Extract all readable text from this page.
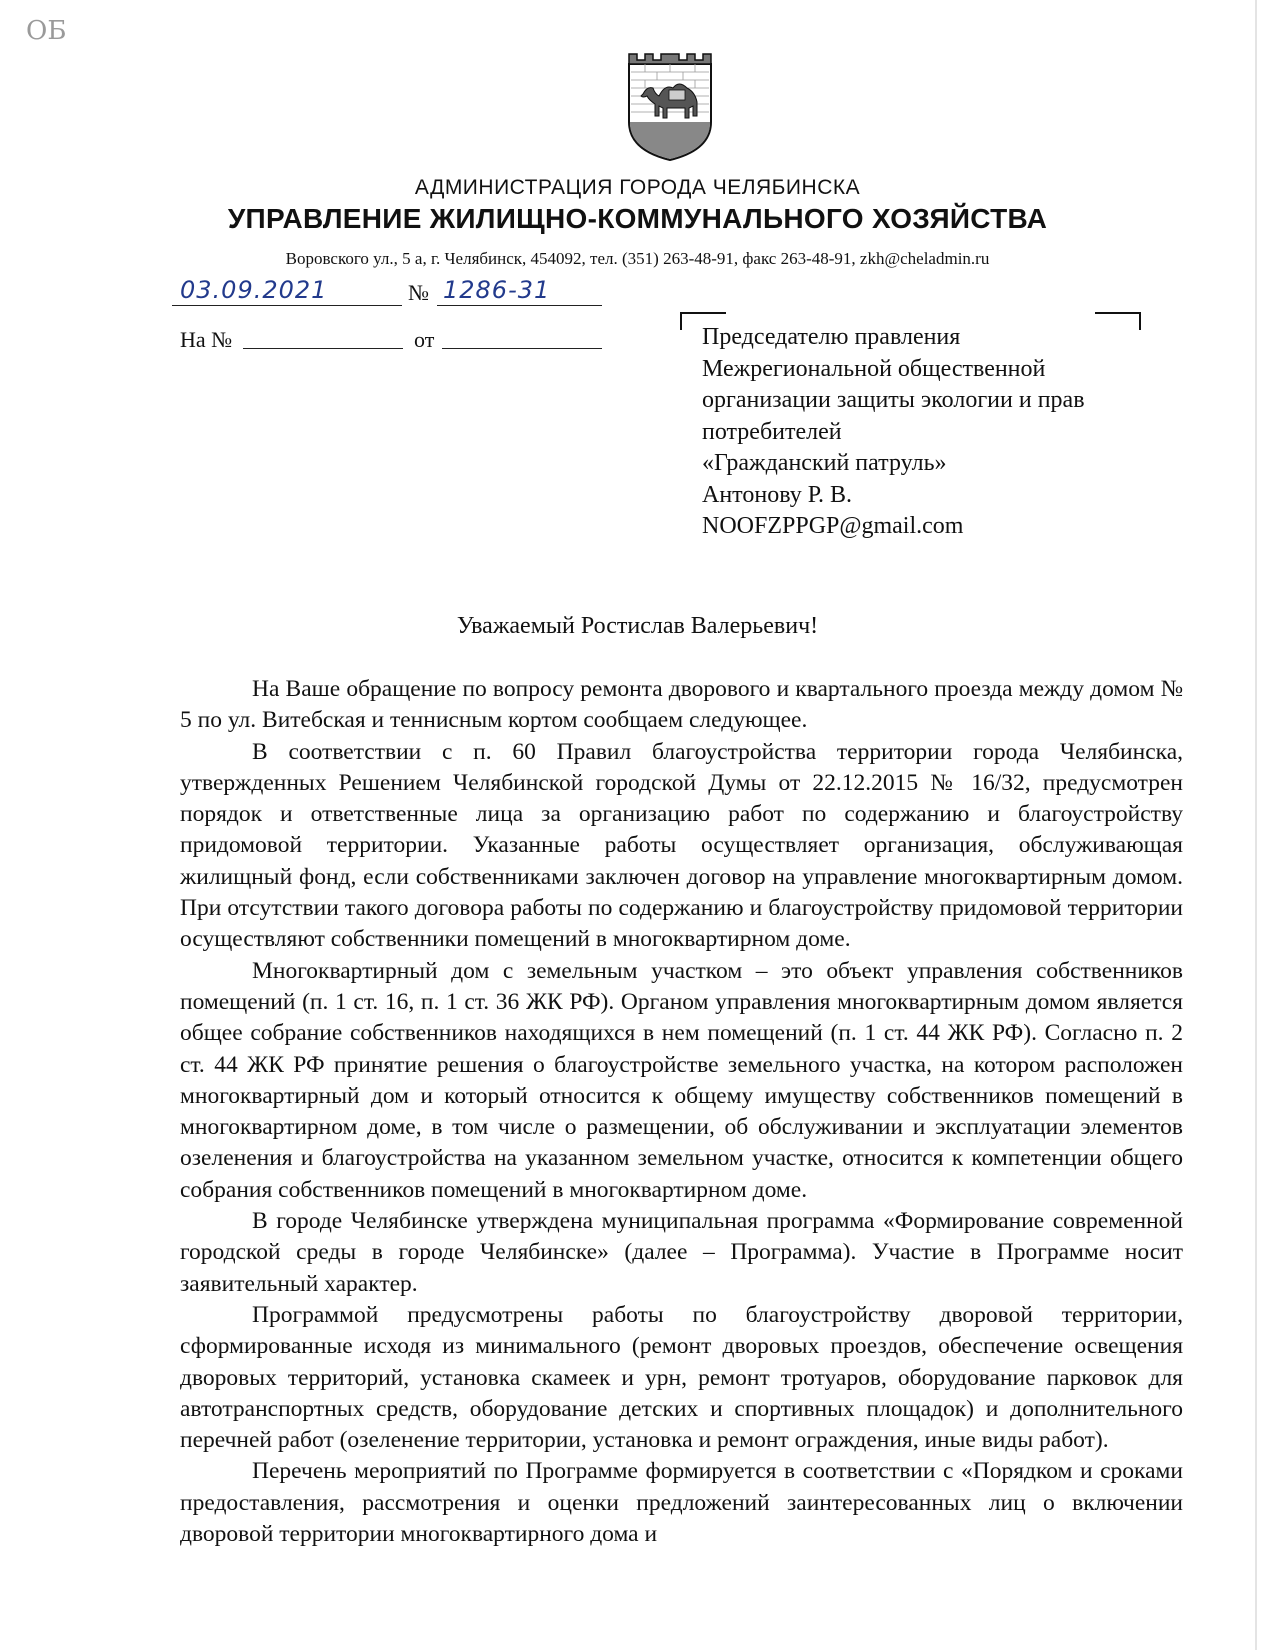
ОБ
АДМИНИСТРАЦИЯ ГОРОДА ЧЕЛЯБИНСКА
УПРАВЛЕНИЕ ЖИЛИЩНО-КОММУНАЛЬНОГО ХОЗЯЙСТВА
Воровского ул., 5 а, г. Челябинск, 454092, тел. (351) 263-48-91, факс 263-48-91, zkh@cheladmin.ru
03.09.2021	№ 1286-31
На №	от	Председателю правления
Межрегиональной общественной
организации защиты экологии и прав
потребителей
«Гражданский патруль»
Антонову Р. В.
NOOFZPPGP@gmail.com
Уважаемый Ростислав Валерьевич!

На Ваше обращение по вопросу ремонта дворового и квартального проезда между домом № 5 по ул. Витебская и теннисным кортом сообщаем следующее.

В соответствии с п. 60 Правил благоустройства территории города Челябинска, утвержденных Решением Челябинской городской Думы от 22.12.2015 № 16/32, предусмотрен порядок и ответственные лица за организацию работ по содержанию и благоустройству придомовой территории. Указанные работы осуществляет организация, обслуживающая жилищный фонд, если собственниками заключен договор на управление многоквартирным домом. При отсутствии такого договора работы по содержанию и благоустройству придомовой территории осуществляют собственники помещений в многоквартирном доме.

Многоквартирный дом с земельным участком – это объект управления собственников помещений (п. 1 ст. 16, п. 1 ст. 36 ЖК РФ). Органом управления многоквартирным домом является общее собрание собственников находящихся в нем помещений (п. 1 ст. 44 ЖК РФ). Согласно п. 2 ст. 44 ЖК РФ принятие решения о благоустройстве земельного участка, на котором расположен многоквартирный дом и который относится к общему имуществу собственников помещений в многоквартирном доме, в том числе о размещении, об обслуживании и эксплуатации элементов озеленения и благоустройства на указанном земельном участке, относится к компетенции общего собрания собственников помещений в многоквартирном доме.

В городе Челябинске утверждена муниципальная программа «Формирование современной городской среды в городе Челябинске» (далее – Программа). Участие в Программе носит заявительный характер.

Программой предусмотрены работы по благоустройству дворовой территории, сформированные исходя из минимального (ремонт дворовых проездов, обеспечение освещения дворовых территорий, установка скамеек и урн, ремонт тротуаров, оборудование парковок для автотранспортных средств, оборудование детских и спортивных площадок) и дополнительного перечней работ (озеленение территории, установка и ремонт ограждения, иные виды работ).

Перечень мероприятий по Программе формируется в соответствии с «Порядком и сроками предоставления, рассмотрения и оценки предложений заинтересованных лиц о включении дворовой территории многоквартирного дома и
